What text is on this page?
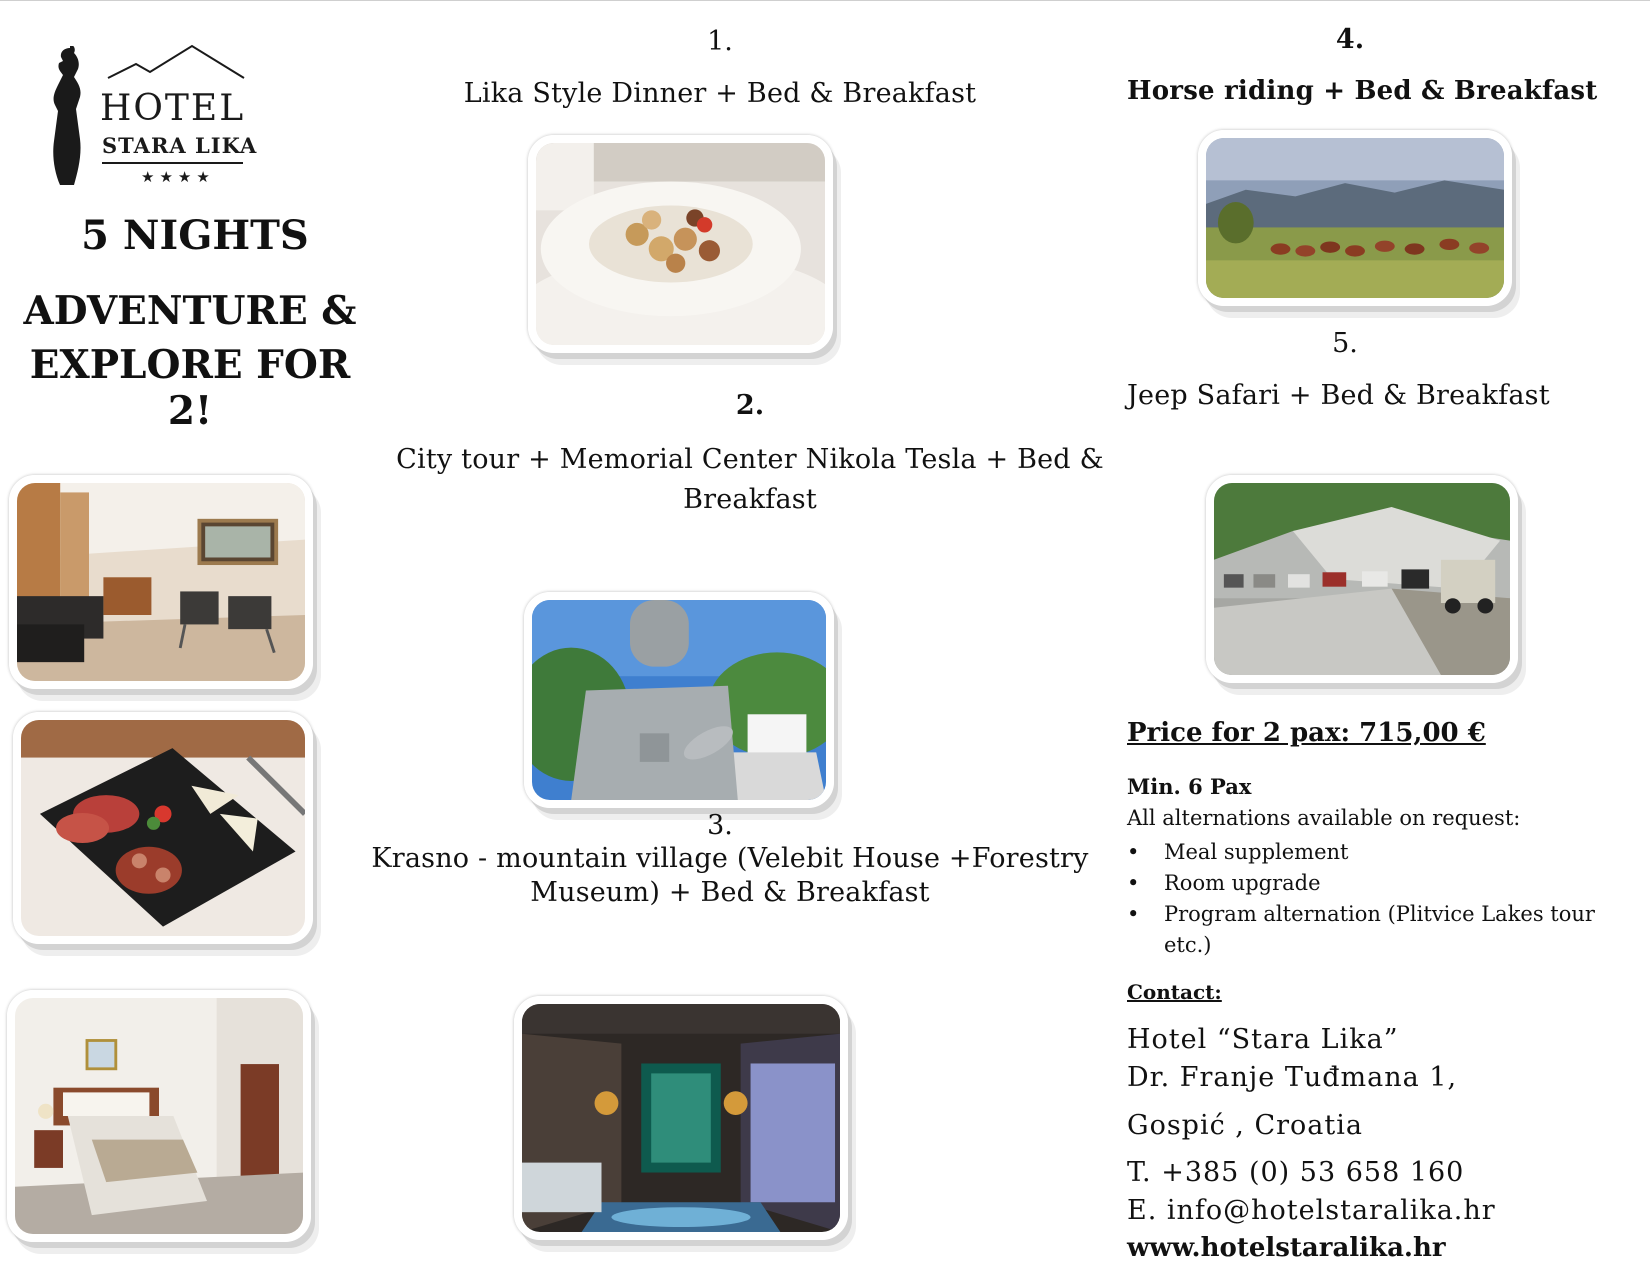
HOTEL
STARA LIKA
★★★★
5 NIGHTS
ADVENTURE &
EXPLORE FOR 2!
1.
Lika Style Dinner + Bed & Breakfast
2.
City tour + Memorial Center Nikola Tesla + Bed &
Breakfast
3.
Krasno - mountain village (Velebit House +Forestry
Museum) + Bed & Breakfast
4.
Horse riding + Bed & Breakfast
5.
Jeep Safari + Bed & Breakfast
Price for 2 pax: 715,00 €
Min. 6 Pax
All alternations available on request:
• Meal supplement
• Room upgrade
• Program alternation (Plitvice Lakes tour etc.)
Contact:
Hotel “Stara Lika”
Dr. Franje Tuđmana 1,
Gospić , Croatia
T. +385 (0) 53 658 160
E. info@hotelstaralika.hr
www.hotelstaralika.hr
